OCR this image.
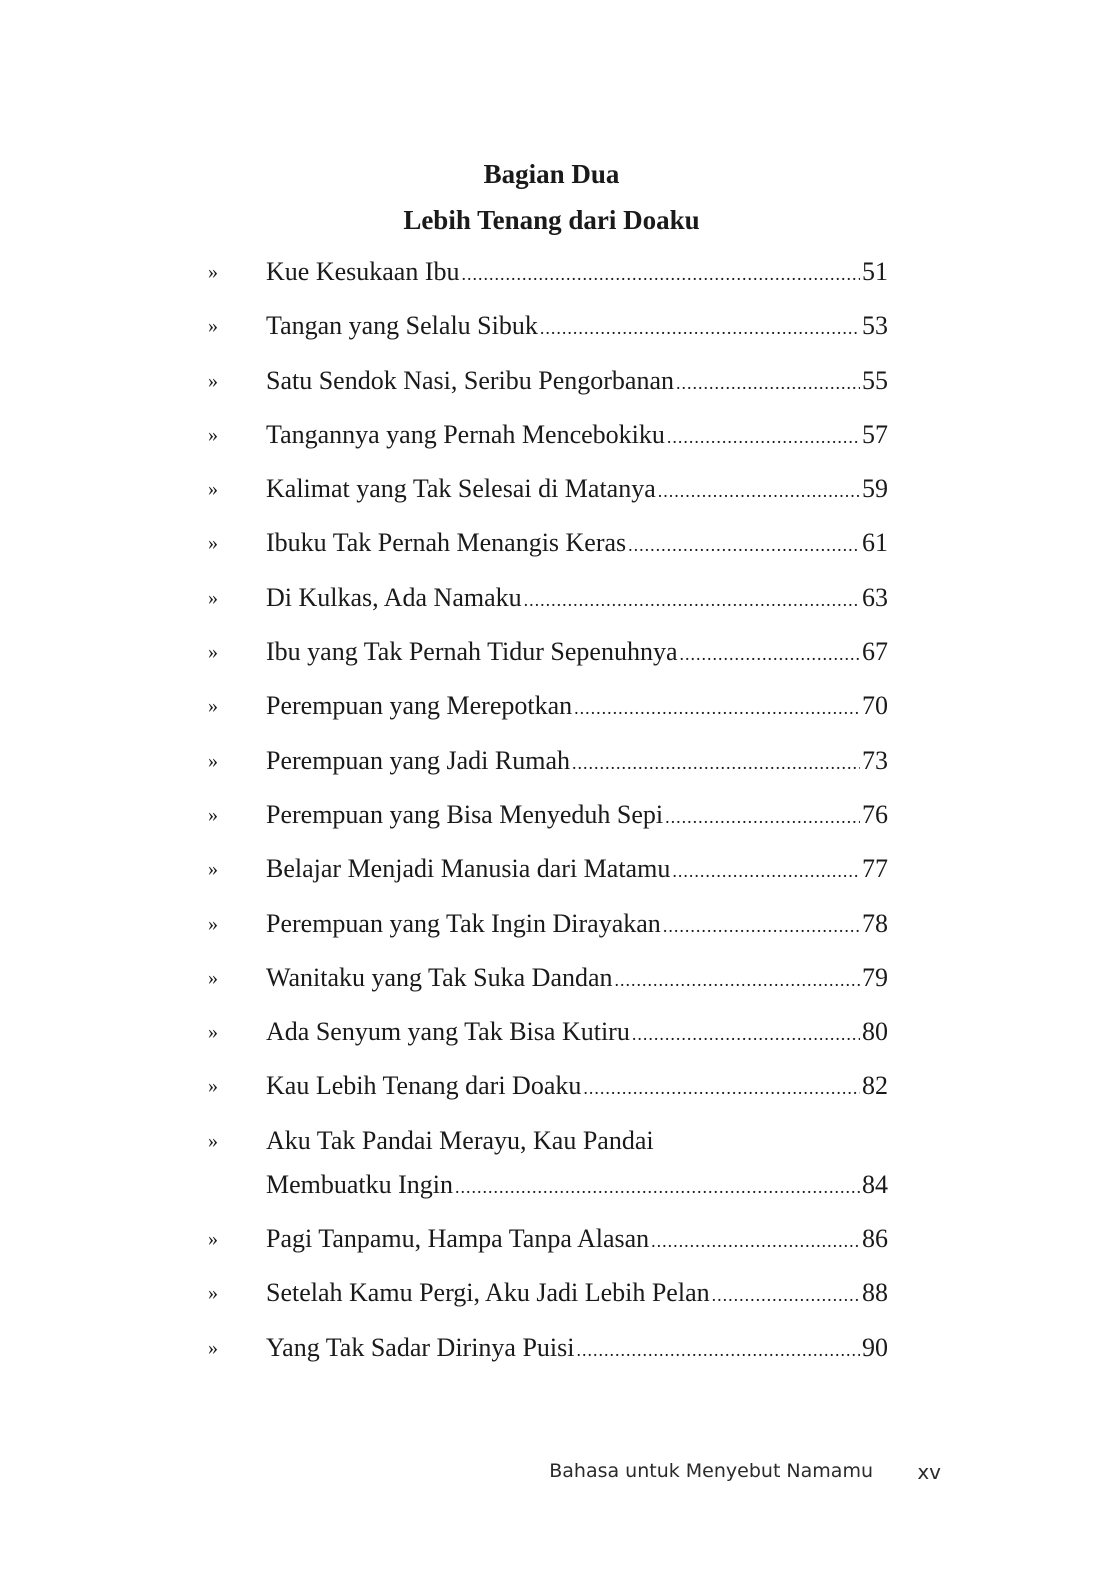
Bagian Dua

Lebih Tenang dari Doaku

»	Kue Kesukaan Ibu .....	51
»	Tangan yang Selalu Sibuk .....	53
»	Satu Sendok Nasi, Seribu Pengorbanan .....	55
»	Tangannya yang Pernah Mencebokiku .....	57
»	Kalimat yang Tak Selesai di Matanya .....	59
»	Ibuku Tak Pernah Menangis Keras .....	61
»	Di Kulkas, Ada Namaku .....	63
»	Ibu yang Tak Pernah Tidur Sepenuhnya .....	67
»	Perempuan yang Merepotkan .....	70
»	Perempuan yang Jadi Rumah .....	73
»	Perempuan yang Bisa Menyeduh Sepi .....	76
»	Belajar Menjadi Manusia dari Matamu .....	77
»	Perempuan yang Tak Ingin Dirayakan .....	78
»	Wanitaku yang Tak Suka Dandan .....	79
»	Ada Senyum yang Tak Bisa Kutiru .....	80
»	Kau Lebih Tenang dari Doaku .....	82
»	Aku Tak Pandai Merayu, Kau Pandai
Membuatku Ingin .....	84
»	Pagi Tanpamu, Hampa Tanpa Alasan .....	86
»	Setelah Kamu Pergi, Aku Jadi Lebih Pelan .....	88
»	Yang Tak Sadar Dirinya Puisi .....	90
Bahasa untuk Menyebut Namamu xv
